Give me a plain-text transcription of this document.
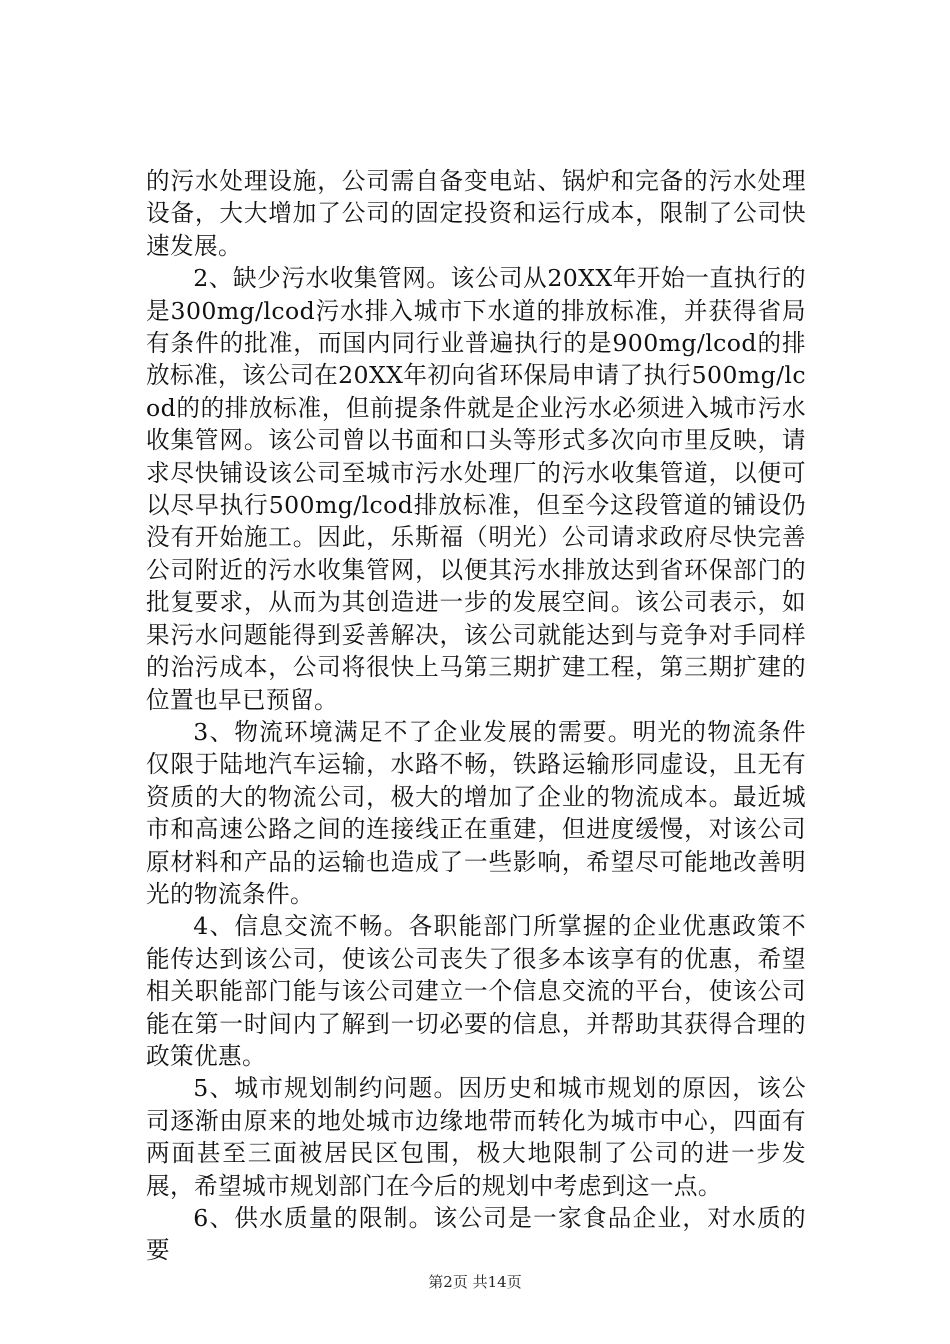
的污水处理设施，公司需自备变电站、锅炉和完备的污水处理设备，大大增加了公司的固定投资和运行成本，限制了公司快速发展。

2、缺少污水收集管网。该公司从20XX年开始一直执行的是300mg/lcod污水排入城市下水道的排放标准，并获得省局有条件的批准，而国内同行业普遍执行的是900mg/lcod的排放标准，该公司在20XX年初向省环保局申请了执行500mg/lcod的的排放标准，但前提条件就是企业污水必须进入城市污水收集管网。该公司曾以书面和口头等形式多次向市里反映，请求尽快铺设该公司至城市污水处理厂的污水收集管道，以便可以尽早执行500mg/lcod排放标准，但至今这段管道的铺设仍没有开始施工。因此，乐斯福（明光）公司请求政府尽快完善公司附近的污水收集管网，以便其污水排放达到省环保部门的批复要求，从而为其创造进一步的发展空间。该公司表示，如果污水问题能得到妥善解决，该公司就能达到与竞争对手同样的治污成本，公司将很快上马第三期扩建工程，第三期扩建的位置也早已预留。

3、物流环境满足不了企业发展的需要。明光的物流条件仅限于陆地汽车运输，水路不畅，铁路运输形同虚设，且无有资质的大的物流公司，极大的增加了企业的物流成本。最近城市和高速公路之间的连接线正在重建，但进度缓慢，对该公司原材料和产品的运输也造成了一些影响，希望尽可能地改善明光的物流条件。

4、信息交流不畅。各职能部门所掌握的企业优惠政策不能传达到该公司，使该公司丧失了很多本该享有的优惠，希望相关职能部门能与该公司建立一个信息交流的平台，使该公司能在第一时间内了解到一切必要的信息，并帮助其获得合理的政策优惠。

5、城市规划制约问题。因历史和城市规划的原因，该公司逐渐由原来的地处城市边缘地带而转化为城市中心，四面有两面甚至三面被居民区包围，极大地限制了公司的进一步发展，希望城市规划部门在今后的规划中考虑到这一点。

6、供水质量的限制。该公司是一家食品企业，对水质的要

第2页 共14页
